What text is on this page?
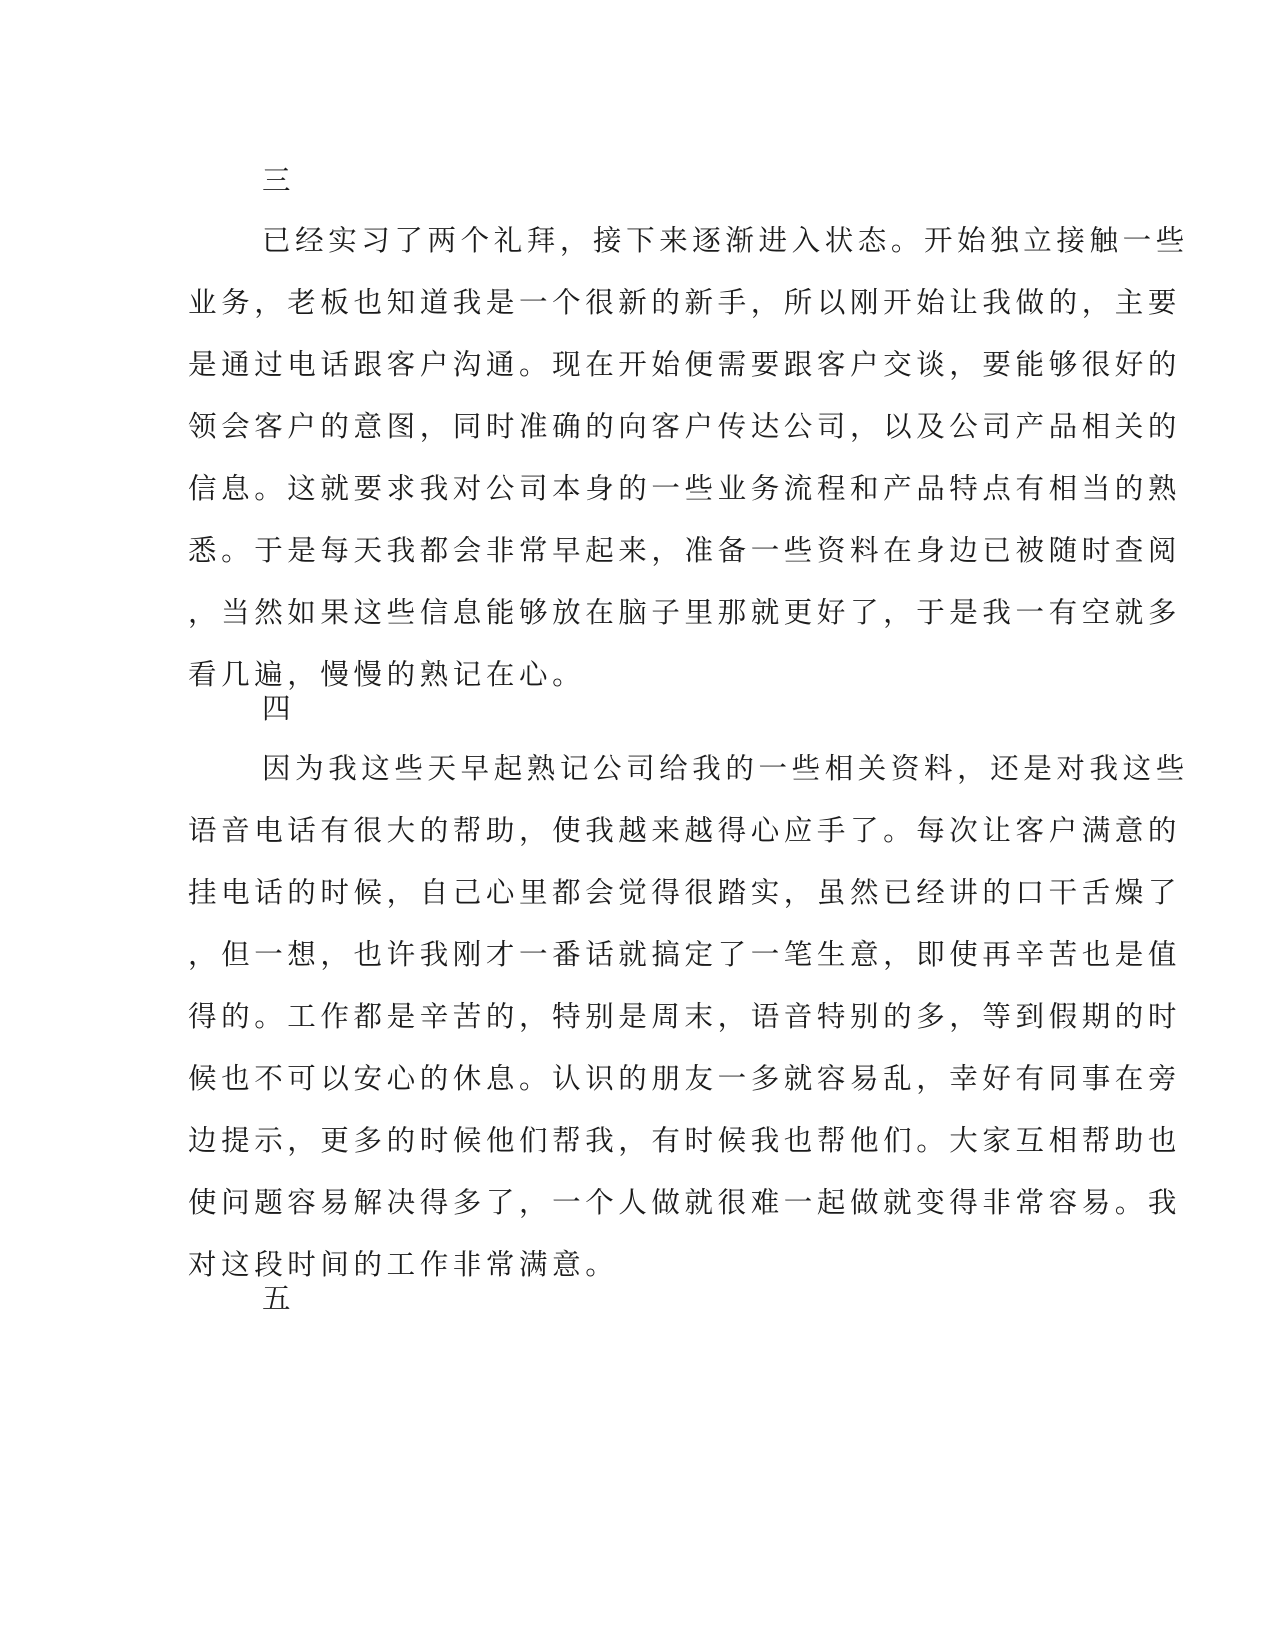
三
已经实习了两个礼拜，接下来逐渐进入状态。开始独立接触一些
业务，老板也知道我是一个很新的新手，所以刚开始让我做的，主要
是通过电话跟客户沟通。现在开始便需要跟客户交谈，要能够很好的
领会客户的意图，同时准确的向客户传达公司，以及公司产品相关的
信息。这就要求我对公司本身的一些业务流程和产品特点有相当的熟
悉。于是每天我都会非常早起来，准备一些资料在身边已被随时查阅
，当然如果这些信息能够放在脑子里那就更好了，于是我一有空就多
看几遍，慢慢的熟记在心。
四
因为我这些天早起熟记公司给我的一些相关资料，还是对我这些
语音电话有很大的帮助，使我越来越得心应手了。每次让客户满意的
挂电话的时候，自己心里都会觉得很踏实，虽然已经讲的口干舌燥了
，但一想，也许我刚才一番话就搞定了一笔生意，即使再辛苦也是值
得的。工作都是辛苦的，特别是周末，语音特别的多，等到假期的时
候也不可以安心的休息。认识的朋友一多就容易乱，幸好有同事在旁
边提示，更多的时候他们帮我，有时候我也帮他们。大家互相帮助也
使问题容易解决得多了，一个人做就很难一起做就变得非常容易。我
对这段时间的工作非常满意。
五
